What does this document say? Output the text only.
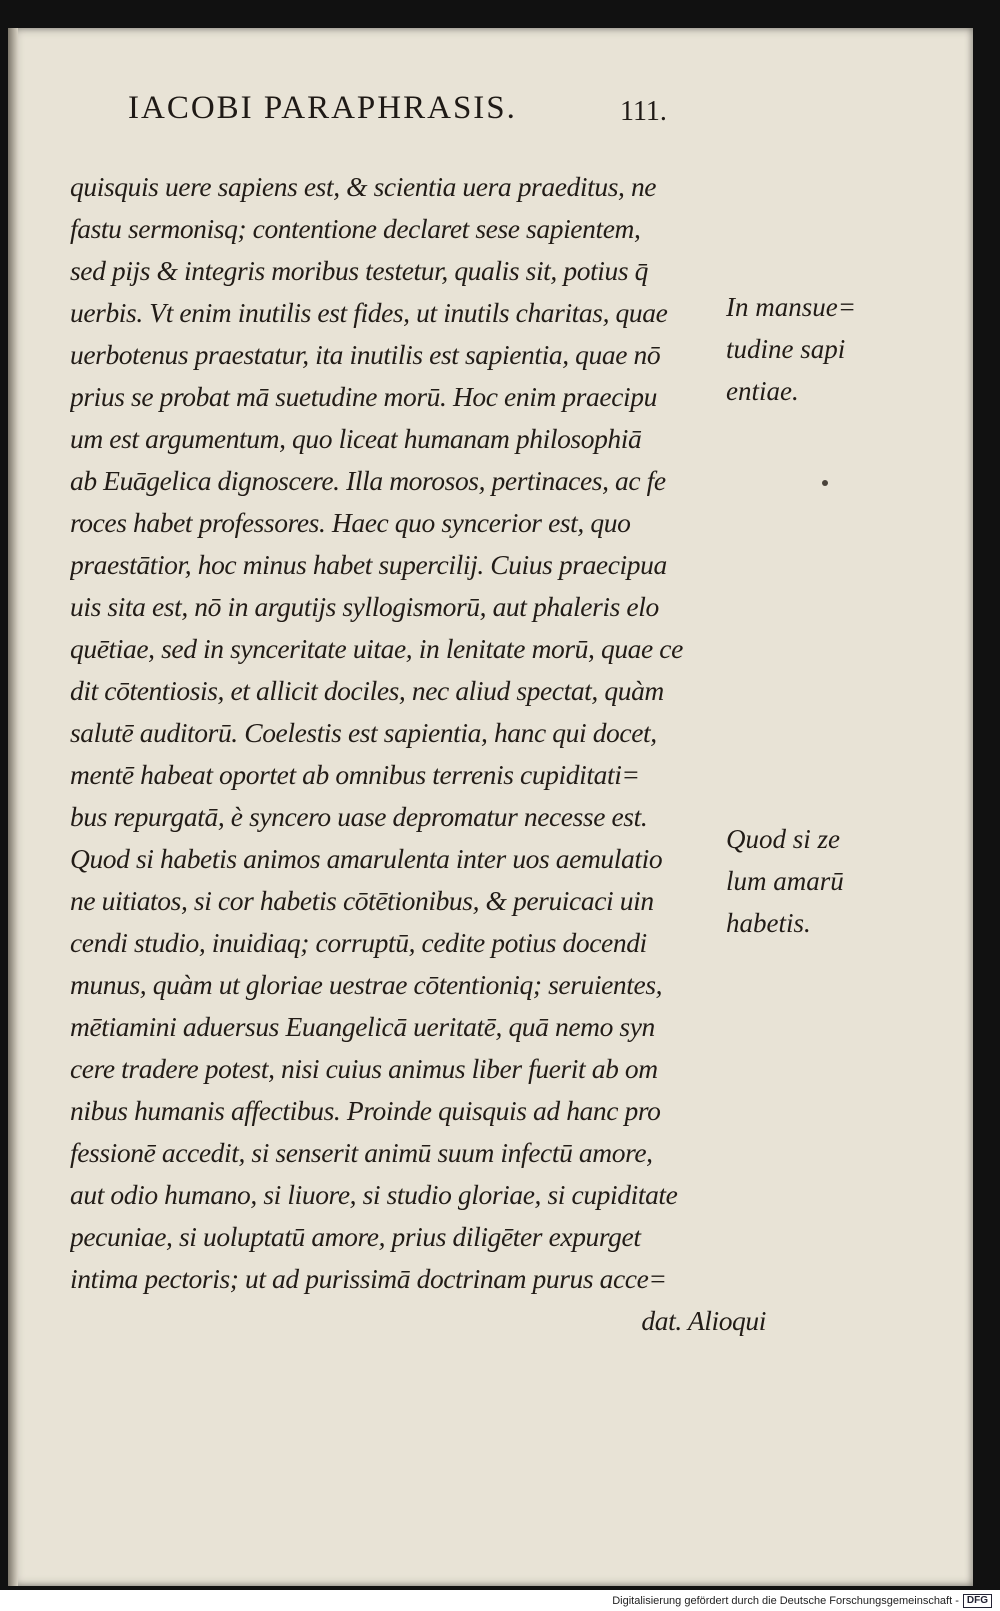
IACOBI PARAPHRASIS.	111.
quisquis uere sapiens est, & scientia uera praeditus, ne
fastu sermonisq; contentione declaret sese sapientem,
sed pijs & integris moribus testetur, qualis sit, potius q̄
uerbis. Vt enim inutilis est fides, ut inutils charitas, quae
uerbotenus praestatur, ita inutilis est sapientia, quae nō
prius se probat mā suetudine morū. Hoc enim praecipu
um est argumentum, quo liceat humanam philosophiā
ab Euāgelica dignoscere. Illa morosos, pertinaces, ac fe
roces habet professores. Haec quo syncerior est, quo
praestātior, hoc minus habet supercilij. Cuius praecipua
uis sita est, nō in argutijs syllogismorū, aut phaleris elo
quētiae, sed in synceritate uitae, in lenitate morū, quae ce
dit cōtentiosis, et allicit dociles, nec aliud spectat, quàm
salutē auditorū. Coelestis est sapientia, hanc qui docet,
mentē habeat oportet ab omnibus terrenis cupiditati=
bus repurgatā, è syncero uase depromatur necesse est.
Quod si habetis animos amarulenta inter uos aemulatio
ne uitiatos, si cor habetis cōtētionibus, & peruicaci uin
cendi studio, inuidiaq; corruptū, cedite potius docendi
munus, quàm ut gloriae uestrae cōtentioniq; seruientes,
mētiamini aduersus Euangelicā ueritatē, quā nemo syn
cere tradere potest, nisi cuius animus liber fuerit ab om
nibus humanis affectibus. Proinde quisquis ad hanc pro
fessionē accedit, si senserit animū suum infectū amore,
aut odio humano, si liuore, si studio gloriae, si cupiditate
pecuniae, si uoluptatū amore, prius diligēter expurget
intima pectoris; ut ad purissimā doctrinam purus acce=
dat. Alioqui
In mansue=
tudine sapi
entiae.
Quod si ze
lum amarū
habetis.
Digitalisierung gefördert durch die Deutsche Forschungsgemeinschaft - DFG
